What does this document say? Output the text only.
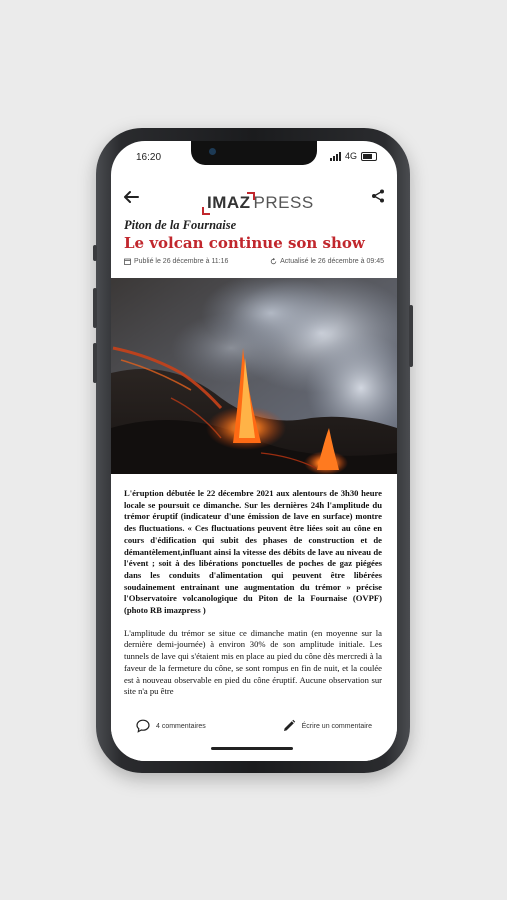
16:20	4G
IMAZ PRESS
Piton de la Fournaise
Le volcan continue son show
Publié le 26 décembre à 11:16	Actualisé le 26 décembre à 09:45

L'éruption débutée le 22 décembre 2021 aux alentours de 3h30 heure locale se poursuit ce dimanche. Sur les dernières 24h l'amplitude du trémor éruptif (indicateur d'une émission de lave en surface) montre des fluctuations. « Ces fluctuations peuvent être liées soit au cône en cours d'édification qui subit des phases de construction et de démantèlement,influant ainsi la vitesse des débits de lave au niveau de l'évent ; soit à des libérations ponctuelles de poches de gaz piégées dans les conduits d'alimentation qui peuvent être libérées soudainement entrainant une augmentation du trémor » précise l'Observatoire volcanologique du Piton de la Fournaise (OVPF) (photo RB imazpress )

L'amplitude du trémor se situe ce dimanche matin (en moyenne sur la dernière demi-journée) à environ 30% de son amplitude initiale. Les tunnels de lave qui s'étaient mis en place au pied du cône dès mercredi à la faveur de la fermeture du cône, se sont rompus en fin de nuit, et la coulée est à nouveau observable en pied du cône éruptif. Aucune observation sur site n'a pu être

4 commentaires	Écrire un commentaire
